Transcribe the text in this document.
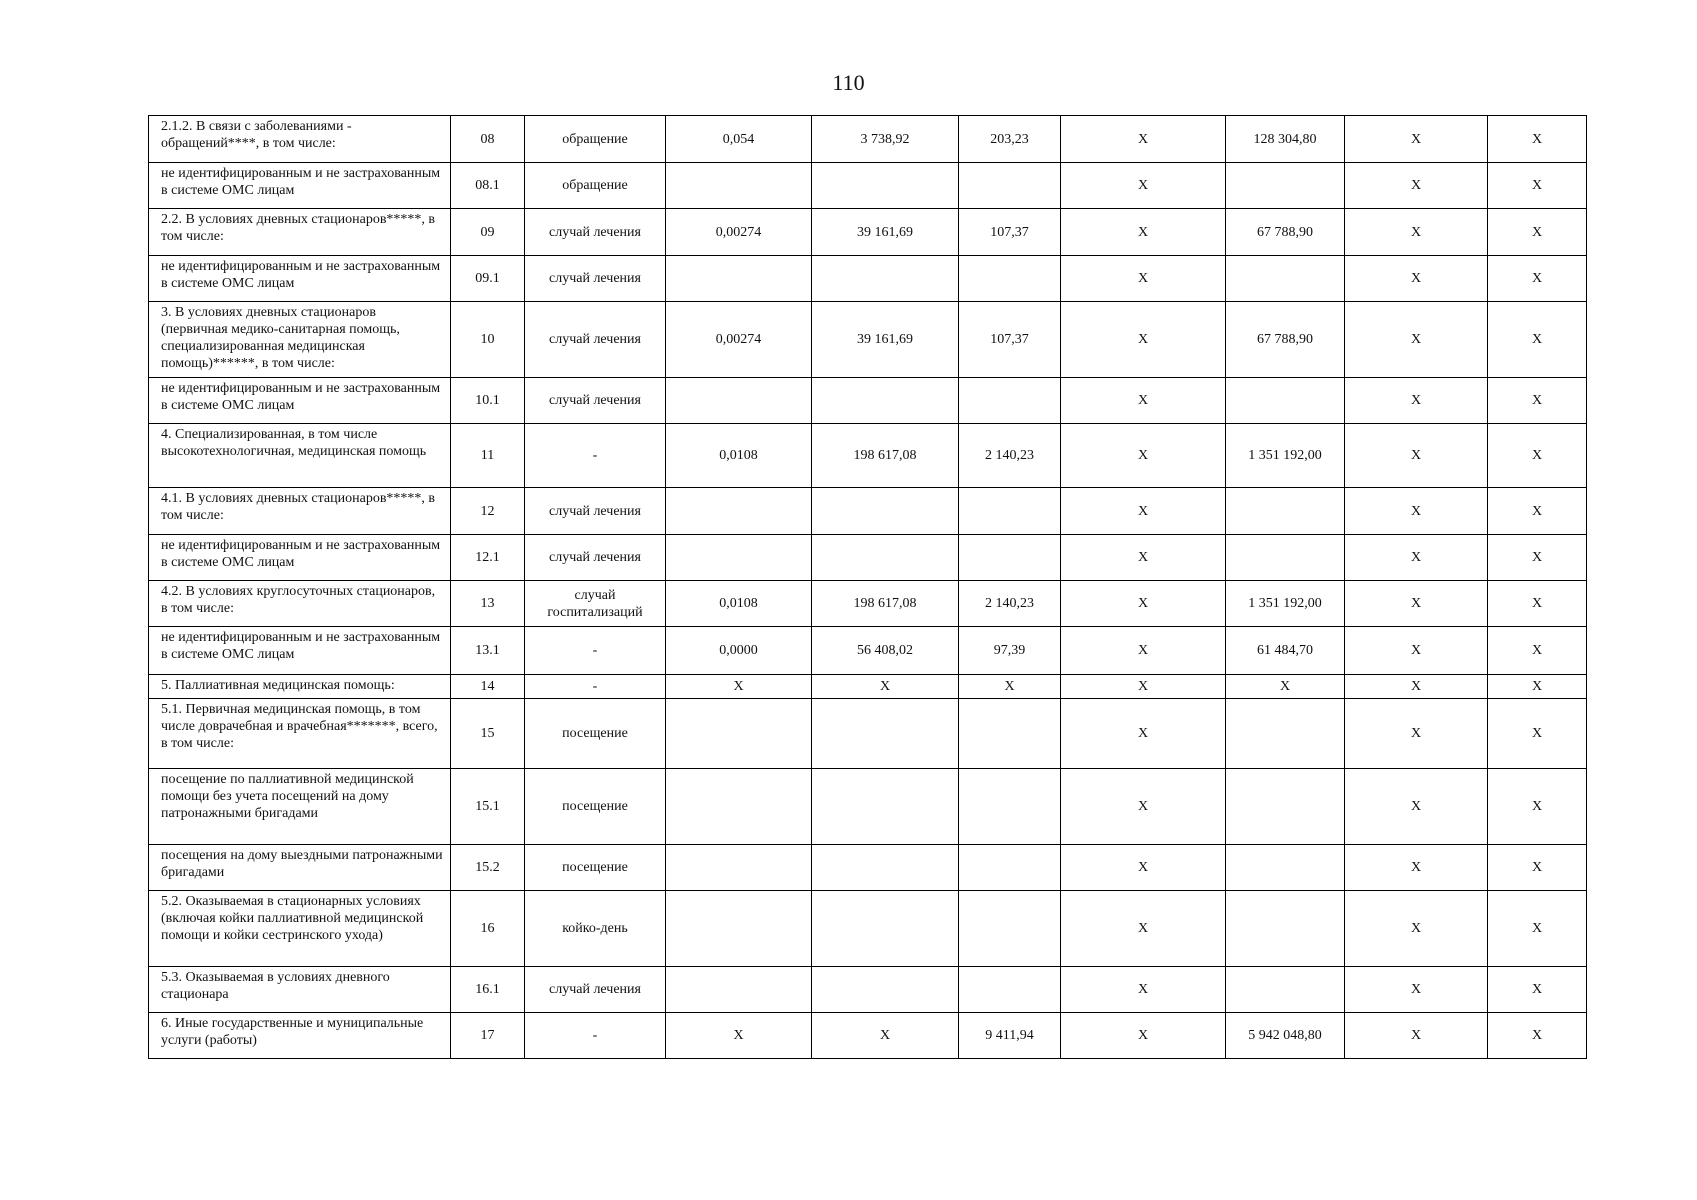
110
2.1.2. В связи с заболеваниями - обращений****, в том числе:	08	обращение	0,054	3 738,92	203,23	X	128 304,80	X	X
не идентифицированным и не застрахованным в системе ОМС лицам	08.1	обращение				X		X	X
2.2. В условиях дневных стационаров*****, в том числе:	09	случай лечения	0,00274	39 161,69	107,37	X	67 788,90	X	X
не идентифицированным и не застрахованным в системе ОМС лицам	09.1	случай лечения				X		X	X
3. В условиях дневных стационаров (первичная медико-санитарная помощь, специализированная медицинская помощь)******, в том числе:	10	случай лечения	0,00274	39 161,69	107,37	X	67 788,90	X	X
не идентифицированным и не застрахованным в системе ОМС лицам	10.1	случай лечения				X		X	X
4. Специализированная, в том числе высокотехнологичная, медицинская помощь	11	-	0,0108	198 617,08	2 140,23	X	1 351 192,00	X	X
4.1. В условиях дневных стационаров*****, в том числе:	12	случай лечения				X		X	X
не идентифицированным и не застрахованным в системе ОМС лицам	12.1	случай лечения				X		X	X
4.2. В условиях круглосуточных стационаров, в том числе:	13	случай госпитализаций	0,0108	198 617,08	2 140,23	X	1 351 192,00	X	X
не идентифицированным и не застрахованным в системе ОМС лицам	13.1	-	0,0000	56 408,02	97,39	X	61 484,70	X	X
5. Паллиативная медицинская помощь:	14	-	X	X	X	X	X	X	X
5.1. Первичная медицинская помощь, в том числе доврачебная и врачебная*******, всего, в том числе:	15	посещение				X		X	X
посещение по паллиативной медицинской помощи без учета посещений на дому патронажными бригадами	15.1	посещение				X		X	X
посещения на дому выездными патронажными бригадами	15.2	посещение				X		X	X
5.2. Оказываемая в стационарных условиях (включая койки паллиативной медицинской помощи и койки сестринского ухода)	16	койко-день				X		X	X
5.3. Оказываемая в условиях дневного стационара	16.1	случай лечения				X		X	X
6. Иные государственные и муниципальные услуги (работы)	17	-	X	X	9 411,94	X	5 942 048,80	X	X
